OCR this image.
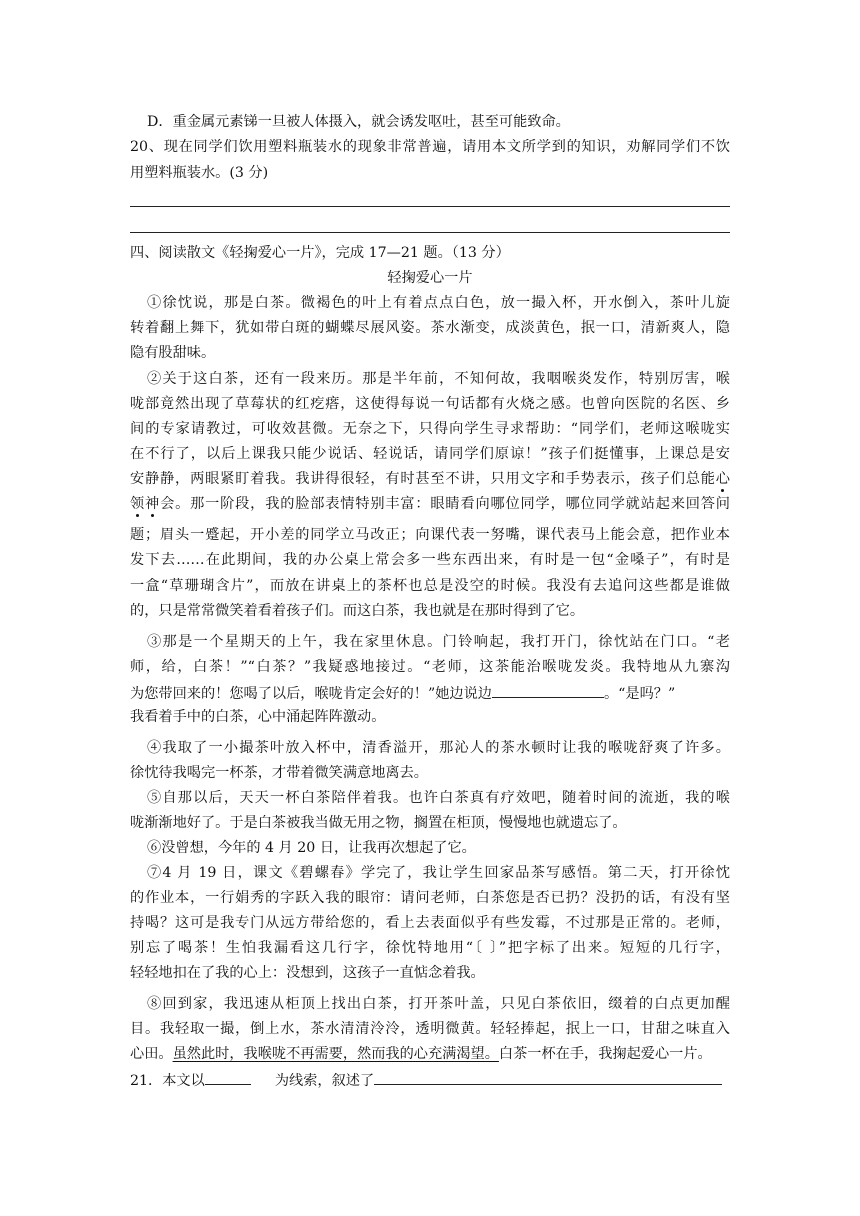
D．重金属元素锑一旦被人体摄入，就会诱发呕吐，甚至可能致命。
20、现在同学们饮用塑料瓶装水的现象非常普遍，请用本文所学到的知识，劝解同学们不饮
用塑料瓶装水。(3 分)
四、阅读散文《轻掬爱心一片》，完成 17—21 题。（13 分）
轻掬爱心一片
①徐忱说，那是白茶。微褐色的叶上有着点点白色，放一撮入杯，开水倒入，茶叶儿旋
转着翻上舞下，犹如带白斑的蝴蝶尽展风姿。茶水渐变，成淡黄色，抿一口，清新爽人，隐
隐有股甜味。
②关于这白茶，还有一段来历。那是半年前，不知何故，我咽喉炎发作，特别厉害，喉
咙部竟然出现了草莓状的红疙瘩，这使得每说一句话都有火烧之感。也曾向医院的名医、乡
间的专家请教过，可收效甚微。无奈之下，只得向学生寻求帮助：“同学们，老师这喉咙实
在不行了，以后上课我只能少说话、轻说话，请同学们原谅！”孩子们挺懂事，上课总是安
安静静，两眼紧盯着我。我讲得很轻，有时甚至不讲，只用文字和手势表示，孩子们总能心
领神会。那一阶段，我的脸部表情特别丰富：眼睛看向哪位同学，哪位同学就站起来回答问
题；眉头一蹙起，开小差的同学立马改正；向课代表一努嘴，课代表马上能会意，把作业本
发下去……在此期间，我的办公桌上常会多一些东西出来，有时是一包“金嗓子”，有时是
一盒“草珊瑚含片”，而放在讲桌上的茶杯也总是没空的时候。我没有去追问这些都是谁做
的，只是常常微笑着看着孩子们。而这白茶，我也就是在那时得到了它。
③那是一个星期天的上午，我在家里休息。门铃响起，我打开门，徐忱站在门口。“老
师，给，白茶！”“白茶？”我疑惑地接过。“老师，这茶能治喉咙发炎。我特地从九寨沟
为您带回来的！您喝了以后，喉咙肯定会好的！”她边说边	。“是吗？”
我看着手中的白茶，心中涌起阵阵激动。
④我取了一小撮茶叶放入杯中，清香溢开，那沁人的茶水顿时让我的喉咙舒爽了许多。
徐忱待我喝完一杯茶，才带着微笑满意地离去。
⑤自那以后，天天一杯白茶陪伴着我。也许白茶真有疗效吧，随着时间的流逝，我的喉
咙渐渐地好了。于是白茶被我当做无用之物，搁置在柜顶，慢慢地也就遗忘了。
⑥没曾想，今年的 4 月 20 日，让我再次想起了它。
⑦4 月 19 日，课文《碧螺春》学完了，我让学生回家品茶写感悟。第二天，打开徐忱
的作业本，一行娟秀的字跃入我的眼帘：请问老师，白茶您是否已扔？没扔的话，有没有坚
持喝？这可是我专门从远方带给您的，看上去表面似乎有些发霉，不过那是正常的。老师，
别忘了喝茶！生怕我漏看这几行字，徐忱特地用“〔 〕”把字标了出来。短短的几行字，
轻轻地扣在了我的心上：没想到，这孩子一直惦念着我。
⑧回到家，我迅速从柜顶上找出白茶，打开茶叶盖，只见白茶依旧，缀着的白点更加醒
目。我轻取一撮，倒上水，茶水清清泠泠，透明微黄。轻轻捧起，抿上一口，甘甜之味直入
心田。虽然此时，我喉咙不再需要，然而我的心充满渴望。白茶一杯在手，我掬起爱心一片。
21．本文以	为线索，叙述了
